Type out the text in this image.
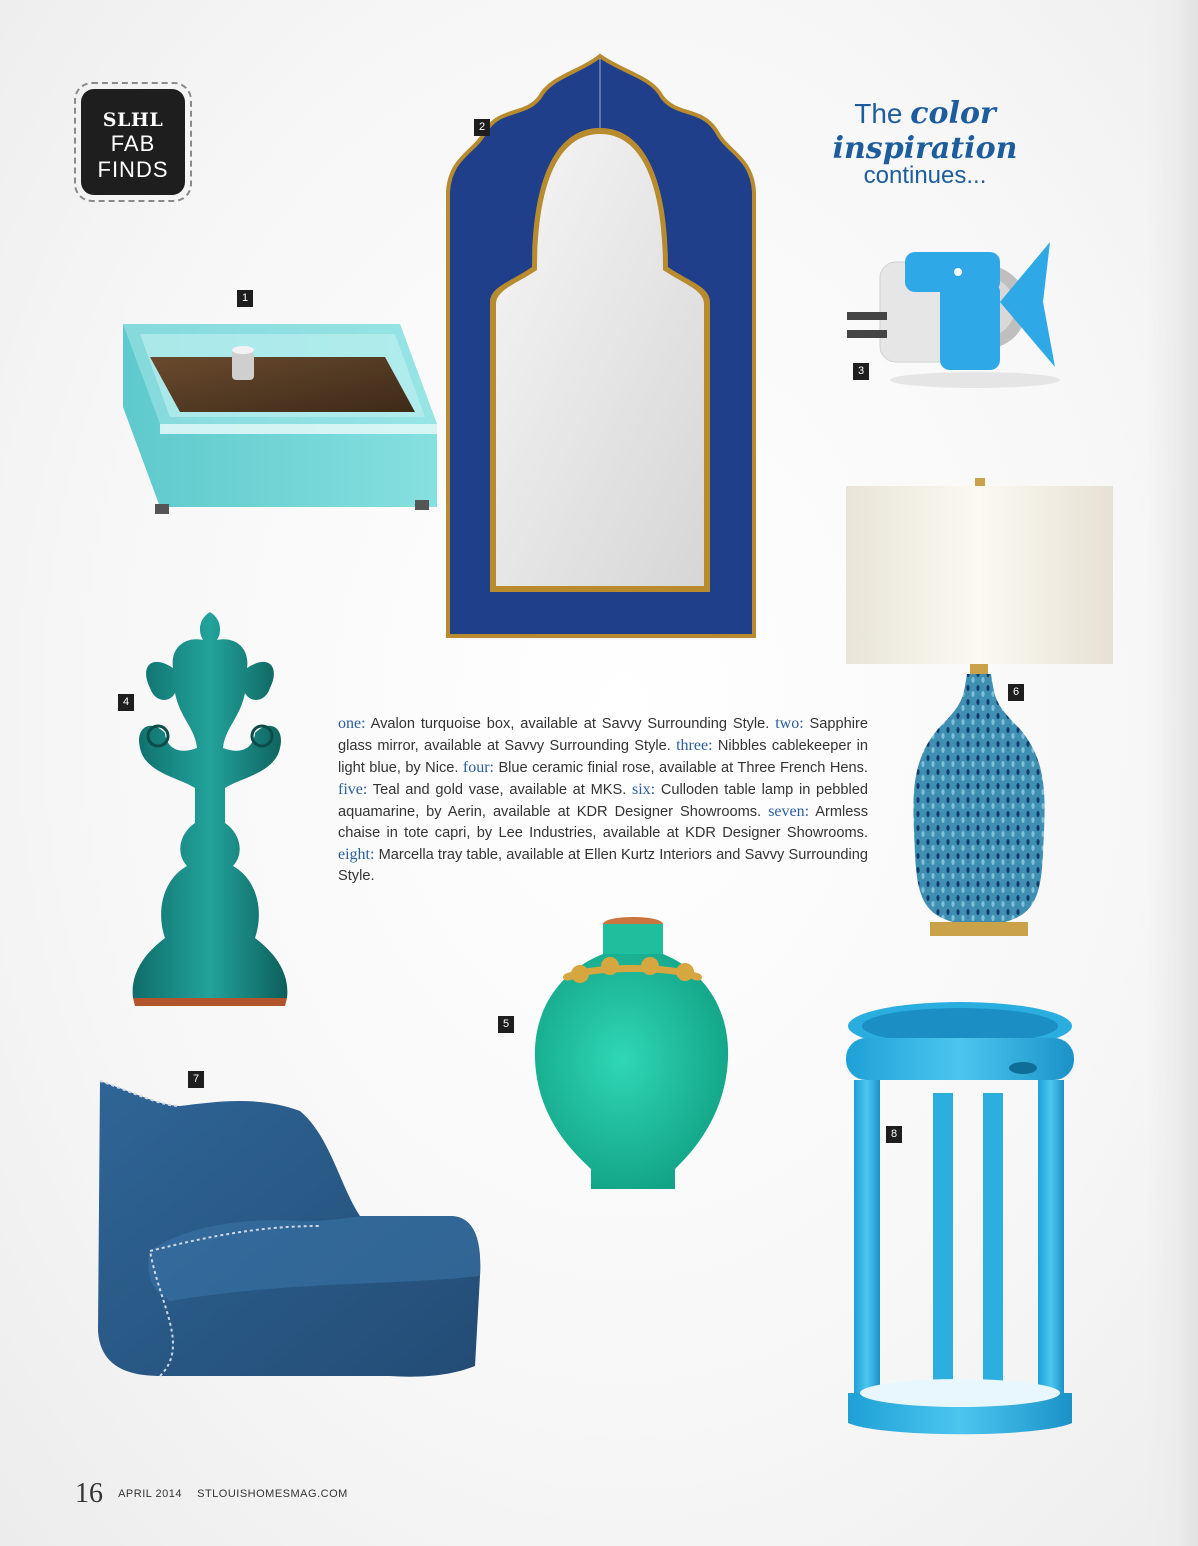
SLHL
FAB
FINDS
The color inspiration
continues...
1
2
3
6
4
one: Avalon turquoise box, available at Savvy Surrounding Style. two: Sapphire glass mirror, available at Savvy Surrounding Style. three: Nibbles cablekeeper in light blue, by Nice. four: Blue ceramic finial rose, available at Three French Hens. five: Teal and gold vase, available at MKS. six: Culloden table lamp in pebbled aquamarine, by Aerin, available at KDR Designer Showrooms. seven: Armless chaise in tote capri, by Lee Industries, available at KDR Designer Showrooms. eight: Marcella tray table, available at Ellen Kurtz Interiors and Savvy Surrounding Style.
5
8
7
16 APRIL 2014 STLOUISHOMESMAG.COM
